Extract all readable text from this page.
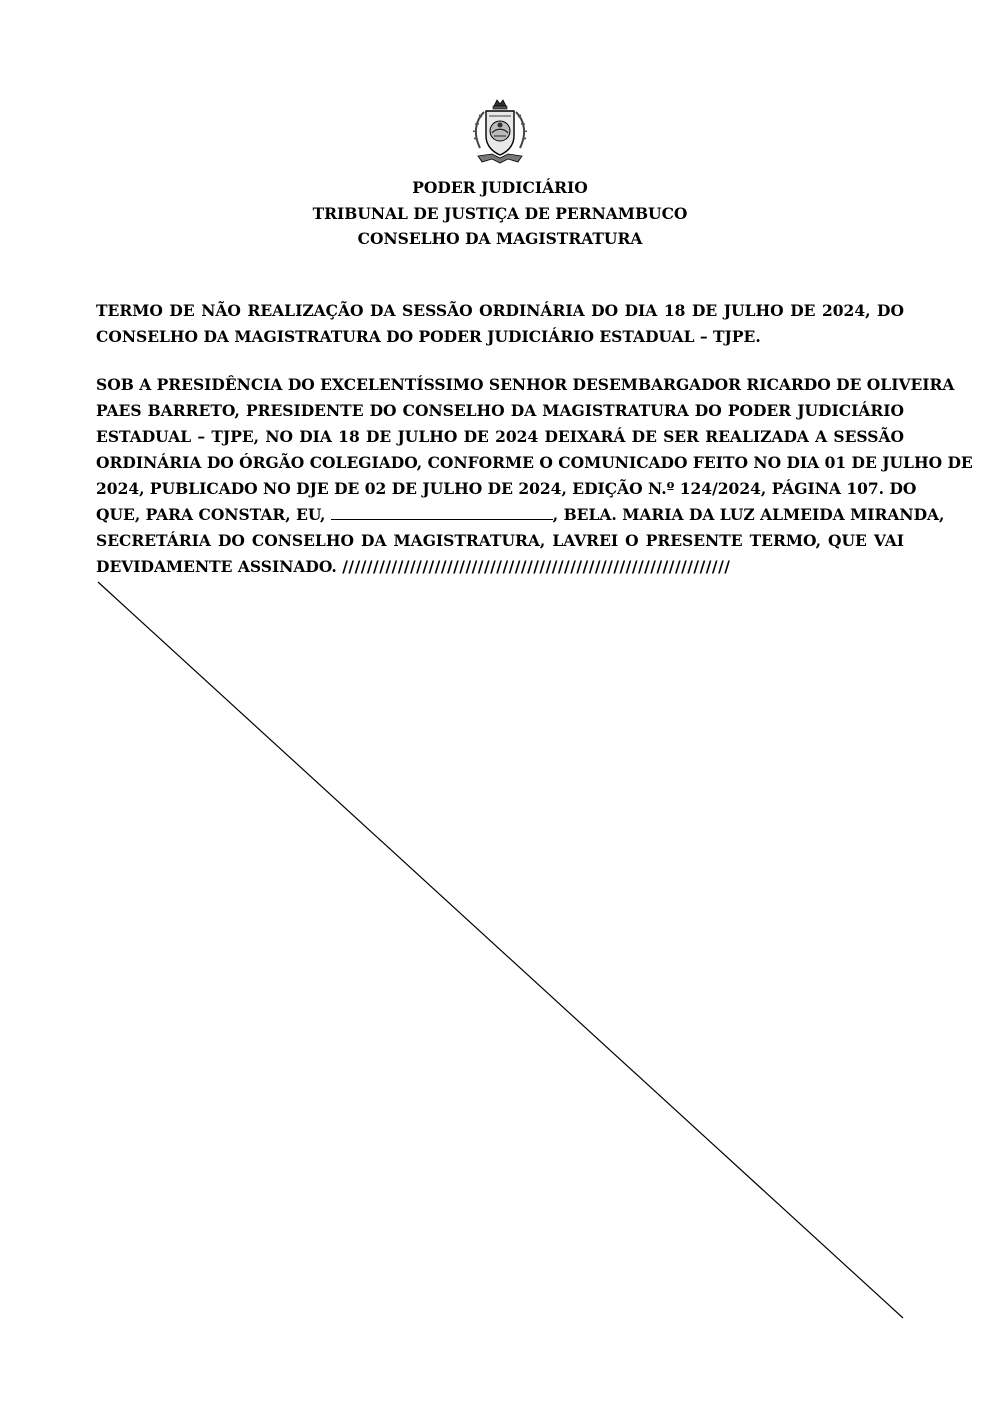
PODER JUDICIÁRIO
TRIBUNAL DE JUSTIÇA DE PERNAMBUCO
CONSELHO DA MAGISTRATURA
TERMO DE NÃO REALIZAÇÃO DA SESSÃO ORDINÁRIA DO DIA 18 DE JULHO DE 2024, DO
CONSELHO DA MAGISTRATURA DO PODER JUDICIÁRIO ESTADUAL – TJPE.
SOB A PRESIDÊNCIA DO EXCELENTÍSSIMO SENHOR DESEMBARGADOR RICARDO DE OLIVEIRA
PAES BARRETO, PRESIDENTE DO CONSELHO DA MAGISTRATURA DO PODER JUDICIÁRIO
ESTADUAL – TJPE, NO DIA 18 DE JULHO DE 2024 DEIXARÁ DE SER REALIZADA A SESSÃO
ORDINÁRIA DO ÓRGÃO COLEGIADO, CONFORME O COMUNICADO FEITO NO DIA 01 DE JULHO DE
2024, PUBLICADO NO DJE DE 02 DE JULHO DE 2024, EDIÇÃO N.º 124/2024, PÁGINA 107. DO
QUE, PARA CONSTAR, EU,	, BELA. MARIA DA LUZ ALMEIDA MIRANDA,
SECRETÁRIA DO CONSELHO DA MAGISTRATURA, LAVREI O PRESENTE TERMO, QUE VAI
DEVIDAMENTE ASSINADO. ///////////////////////////////////////////////////////////////
